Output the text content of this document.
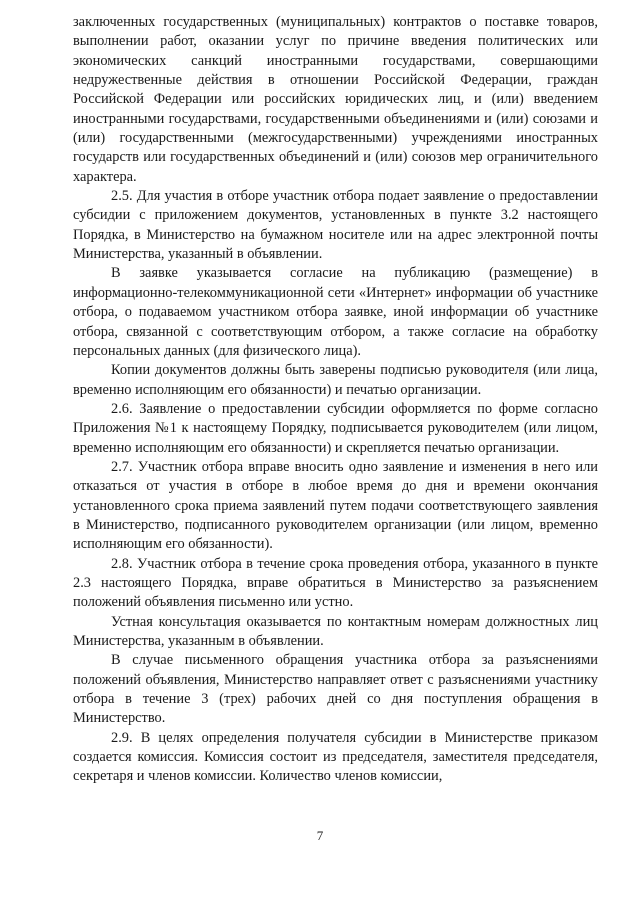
заключенных государственных (муниципальных) контрактов о поставке товаров, выполнении работ, оказании услуг по причине введения политических или экономических санкций иностранными государствами, совершающими недружественные действия в отношении Российской Федерации, граждан Российской Федерации или российских юридических лиц, и (или) введением иностранными государствами, государственными объединениями и (или) союзами и (или) государственными (межгосударственными) учреждениями иностранных государств или государственных объединений и (или) союзов мер ограничительного характера.

2.5. Для участия в отборе участник отбора подает заявление о предоставлении субсидии с приложением документов, установленных в пункте 3.2 настоящего Порядка, в Министерство на бумажном носителе или на адрес электронной почты Министерства, указанный в объявлении.

В заявке указывается согласие на публикацию (размещение) в информационно-телекоммуникационной сети «Интернет» информации об участнике отбора, о подаваемом участником отбора заявке, иной информации об участнике отбора, связанной с соответствующим отбором, а также согласие на обработку персональных данных (для физического лица).

Копии документов должны быть заверены подписью руководителя (или лица, временно исполняющим его обязанности) и печатью организации.

2.6. Заявление о предоставлении субсидии оформляется по форме согласно Приложения №1 к настоящему Порядку, подписывается руководителем (или лицом, временно исполняющим его обязанности) и скрепляется печатью организации.

2.7. Участник отбора вправе вносить одно заявление и изменения в него или отказаться от участия в отборе в любое время до дня и времени окончания установленного срока приема заявлений путем подачи соответствующего заявления в Министерство, подписанного руководителем организации (или лицом, временно исполняющим его обязанности).

2.8. Участник отбора в течение срока проведения отбора, указанного в пункте 2.3 настоящего Порядка, вправе обратиться в Министерство за разъяснением положений объявления письменно или устно.

Устная консультация оказывается по контактным номерам должностных лиц Министерства, указанным в объявлении.

В случае письменного обращения участника отбора за разъяснениями положений объявления, Министерство направляет ответ с разъяснениями участнику отбора в течение 3 (трех) рабочих дней со дня поступления обращения в Министерство.

2.9. В целях определения получателя субсидии в Министерстве приказом создается комиссия. Комиссия состоит из председателя, заместителя председателя, секретаря и членов комиссии. Количество членов комиссии,

7
